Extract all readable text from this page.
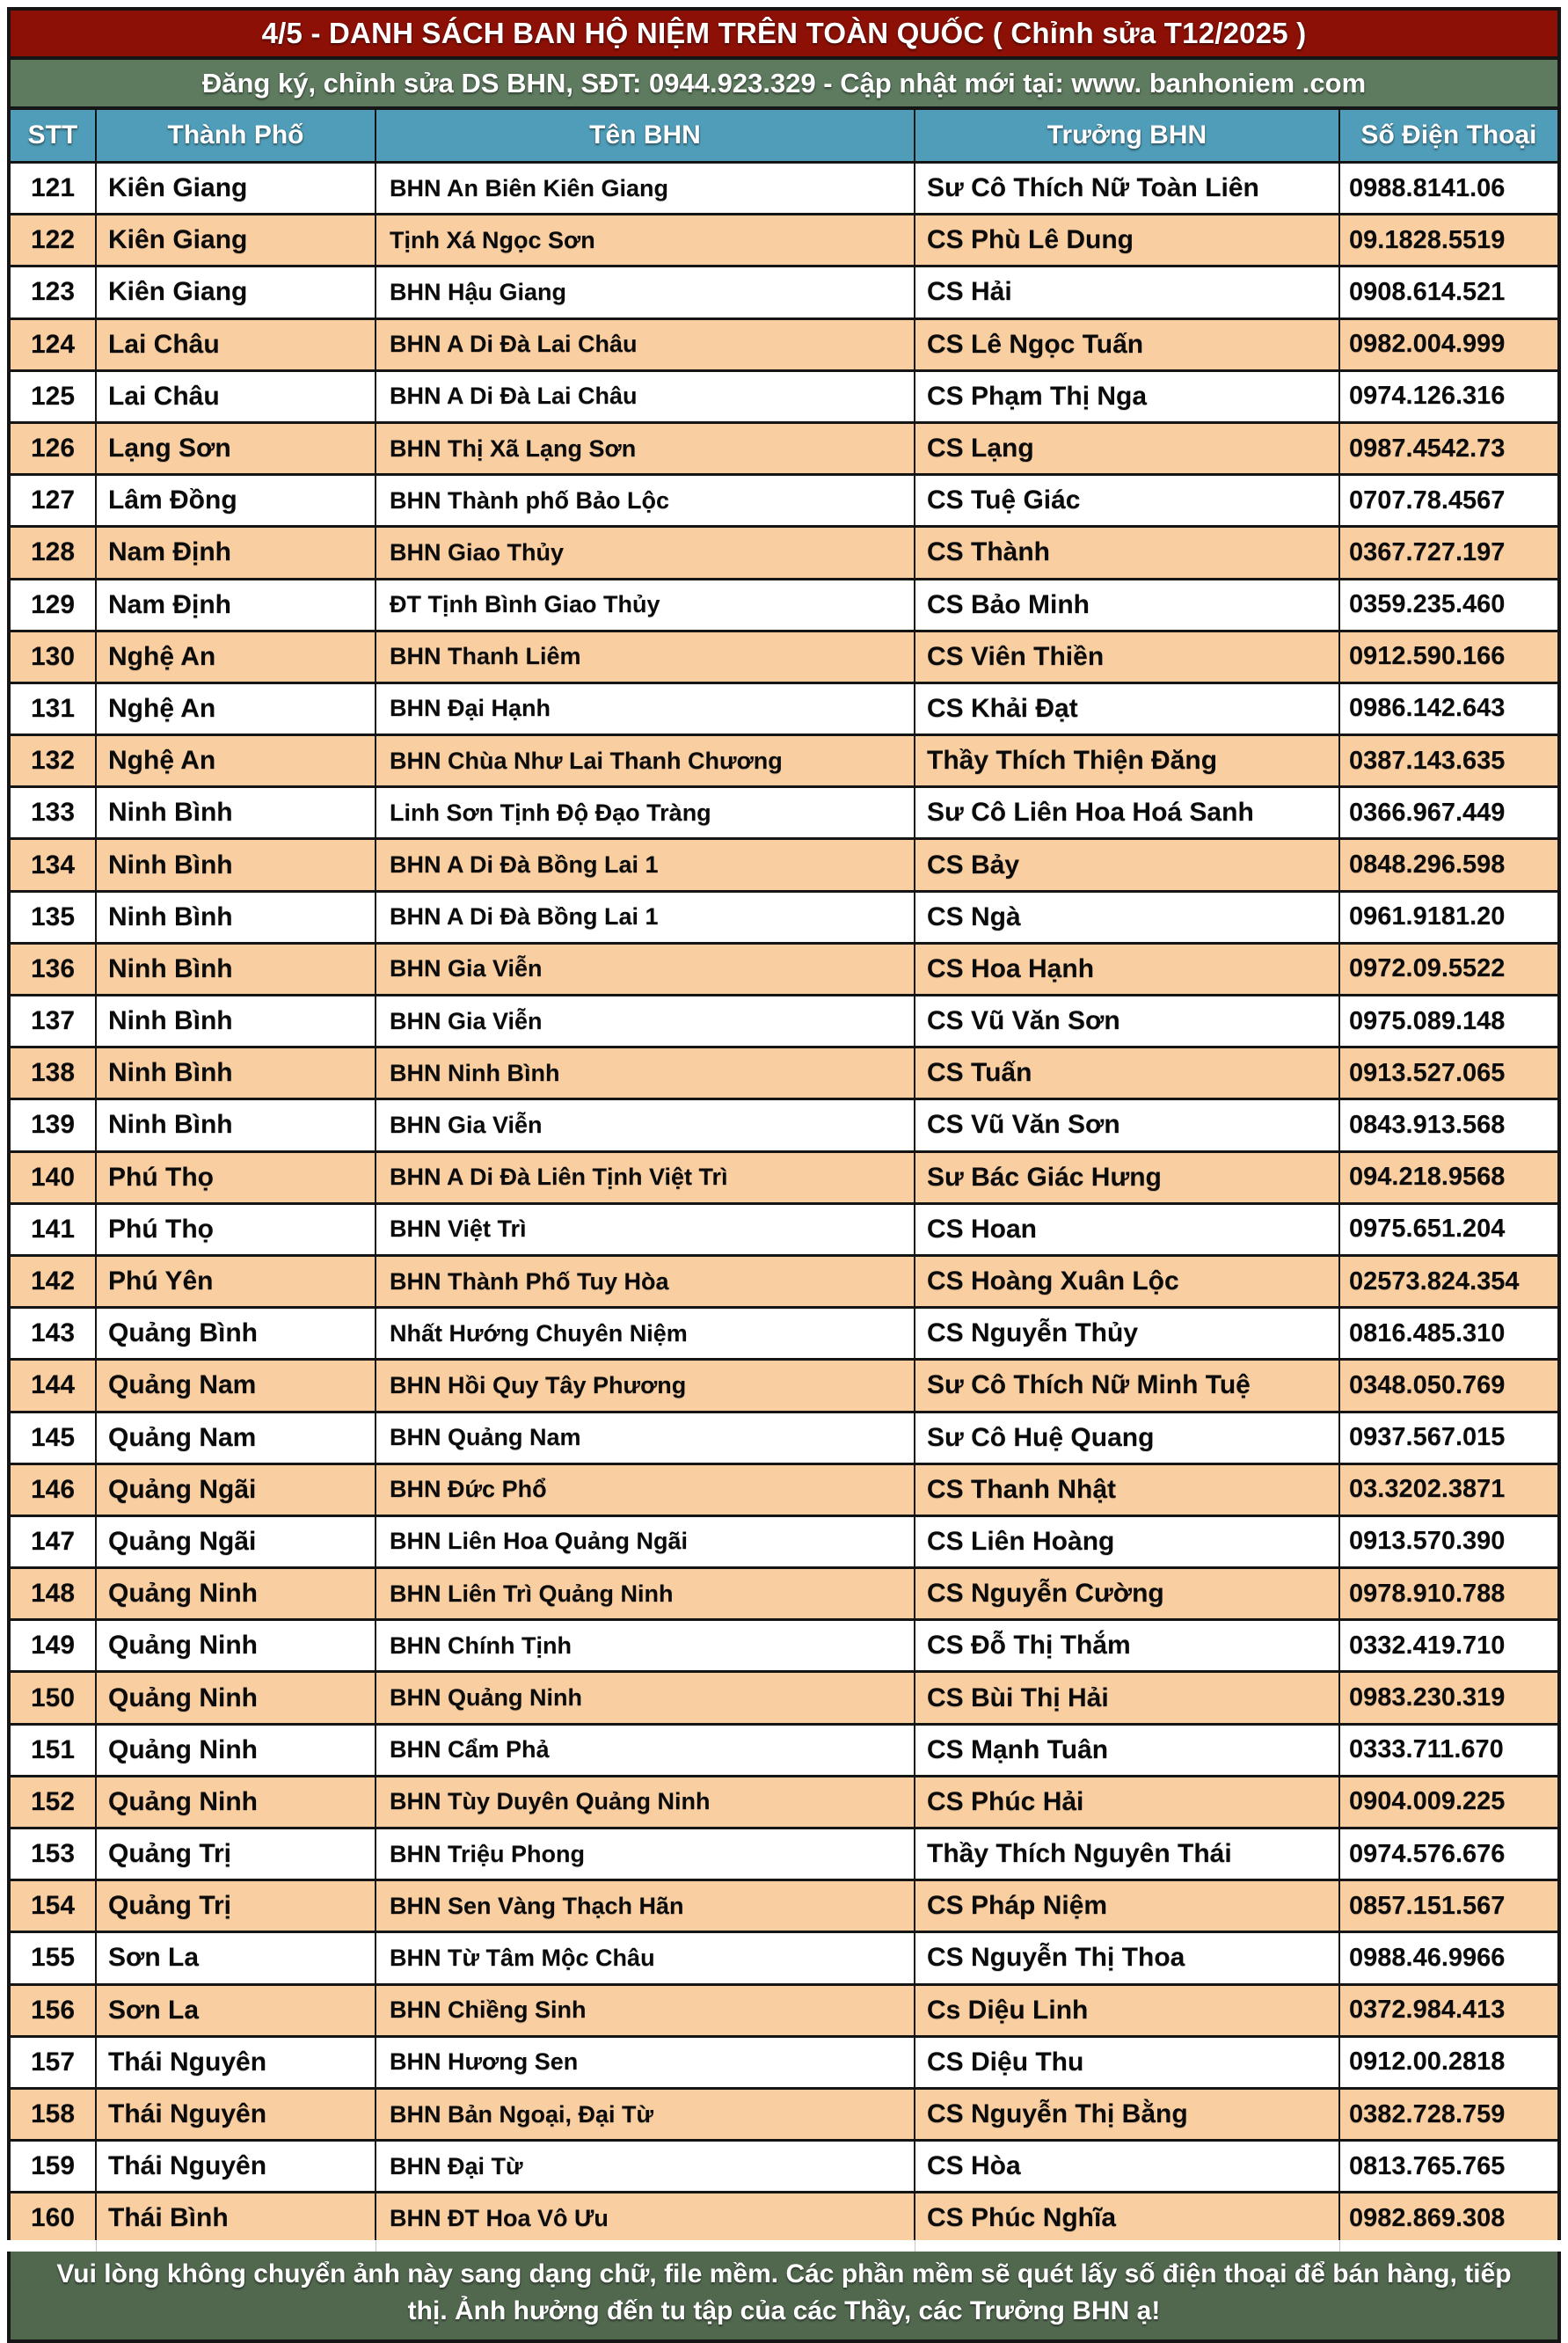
4/5 - DANH SÁCH BAN HỘ NIỆM TRÊN TOÀN QUỐC ( Chỉnh sửa T12/2025 )
Đăng ký, chỉnh sửa DS BHN, SĐT: 0944.923.329 - Cập nhật mới tại: www. banhoniem .com
STT	Thành Phố	Tên BHN	Trưởng BHN	Số Điện Thoại
121	Kiên Giang	BHN An Biên Kiên Giang	Sư Cô Thích Nữ Toàn Liên	0988.8141.06
122	Kiên Giang	Tịnh Xá Ngọc Sơn	CS Phù Lê Dung	09.1828.5519
123	Kiên Giang	BHN Hậu Giang	CS Hải	0908.614.521
124	Lai Châu	BHN A Di Đà Lai Châu	CS Lê Ngọc Tuấn	0982.004.999
125	Lai Châu	BHN A Di Đà Lai Châu	CS Phạm Thị Nga	0974.126.316
126	Lạng Sơn	BHN Thị Xã Lạng Sơn	CS Lạng	0987.4542.73
127	Lâm Đồng	BHN Thành phố Bảo Lộc	CS Tuệ Giác	0707.78.4567
128	Nam Định	BHN Giao Thủy	CS Thành	0367.727.197
129	Nam Định	ĐT Tịnh Bình Giao Thủy	CS Bảo Minh	0359.235.460
130	Nghệ An	BHN Thanh Liêm	CS Viên Thiền	0912.590.166
131	Nghệ An	BHN Đại Hạnh	CS Khải Đạt	0986.142.643
132	Nghệ An	BHN Chùa Như Lai Thanh Chương	Thầy Thích Thiện Đăng	0387.143.635
133	Ninh Bình	Linh Sơn Tịnh Độ Đạo Tràng	Sư Cô Liên Hoa Hoá Sanh	0366.967.449
134	Ninh Bình	BHN A Di Đà Bồng Lai 1	CS Bảy	0848.296.598
135	Ninh Bình	BHN A Di Đà Bồng Lai 1	CS Ngà	0961.9181.20
136	Ninh Bình	BHN Gia Viễn	CS Hoa Hạnh	0972.09.5522
137	Ninh Bình	BHN Gia Viễn	CS Vũ Văn Sơn	0975.089.148
138	Ninh Bình	BHN Ninh Bình	CS Tuấn	0913.527.065
139	Ninh Bình	BHN Gia Viễn	CS Vũ Văn Sơn	0843.913.568
140	Phú Thọ	BHN A Di Đà Liên Tịnh Việt Trì	Sư Bác Giác Hưng	094.218.9568
141	Phú Thọ	BHN Việt Trì	CS Hoan	0975.651.204
142	Phú Yên	BHN Thành Phố Tuy Hòa	CS Hoàng Xuân Lộc	02573.824.354
143	Quảng Bình	Nhất Hướng Chuyên Niệm	CS Nguyễn Thủy	0816.485.310
144	Quảng Nam	BHN Hồi Quy Tây Phương	Sư Cô Thích Nữ Minh Tuệ	0348.050.769
145	Quảng Nam	BHN Quảng Nam	Sư Cô Huệ Quang	0937.567.015
146	Quảng Ngãi	BHN Đức Phổ	CS Thanh Nhật	03.3202.3871
147	Quảng Ngãi	BHN Liên Hoa Quảng Ngãi	CS Liên Hoàng	0913.570.390
148	Quảng Ninh	BHN Liên Trì Quảng Ninh	CS Nguyễn Cường	0978.910.788
149	Quảng Ninh	BHN Chính Tịnh	CS Đỗ Thị Thắm	0332.419.710
150	Quảng Ninh	BHN Quảng Ninh	CS Bùi Thị Hải	0983.230.319
151	Quảng Ninh	BHN Cẩm Phả	CS Mạnh Tuân	0333.711.670
152	Quảng Ninh	BHN Tùy Duyên Quảng Ninh	CS Phúc Hải	0904.009.225
153	Quảng Trị	BHN Triệu Phong	Thầy Thích Nguyên Thái	0974.576.676
154	Quảng Trị	BHN Sen Vàng Thạch Hãn	CS Pháp Niệm	0857.151.567
155	Sơn La	BHN Từ Tâm Mộc Châu	CS Nguyễn Thị Thoa	0988.46.9966
156	Sơn La	BHN Chiềng Sinh	Cs Diệu Linh	0372.984.413
157	Thái Nguyên	BHN Hương Sen	CS Diệu Thu	0912.00.2818
158	Thái Nguyên	BHN Bản Ngoại, Đại Từ	CS Nguyễn Thị Bằng	0382.728.759
159	Thái Nguyên	BHN Đại Từ	CS Hòa	0813.765.765
160	Thái Bình	BHN ĐT Hoa Vô Ưu	CS Phúc Nghĩa	0982.869.308
Vui lòng không chuyển ảnh này sang dạng chữ, file mềm. Các phần mềm sẽ quét lấy số điện thoại để bán hàng, tiếp thị. Ảnh hưởng đến tu tập của các Thầy, các Trưởng BHN ạ!
